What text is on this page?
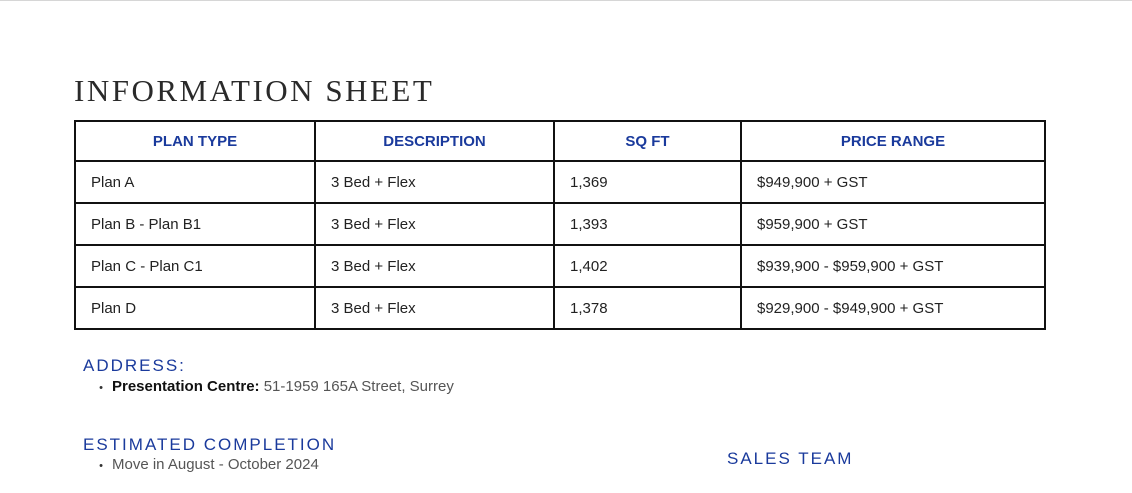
INFORMATION SHEET
PLAN TYPE	DESCRIPTION	SQ FT	PRICE RANGE
Plan A	3 Bed + Flex	1,369	$949,900 + GST
Plan B - Plan B1	3 Bed + Flex	1,393	$959,900 + GST
Plan C - Plan C1	3 Bed + Flex	1,402	$939,900 - $959,900 + GST
Plan D	3 Bed + Flex	1,378	$929,900 - $949,900 + GST
ADDRESS:
• Presentation Centre: 51-1959 165A Street, Surrey
ESTIMATED COMPLETION
• Move in August - October 2024	SALES TEAM
